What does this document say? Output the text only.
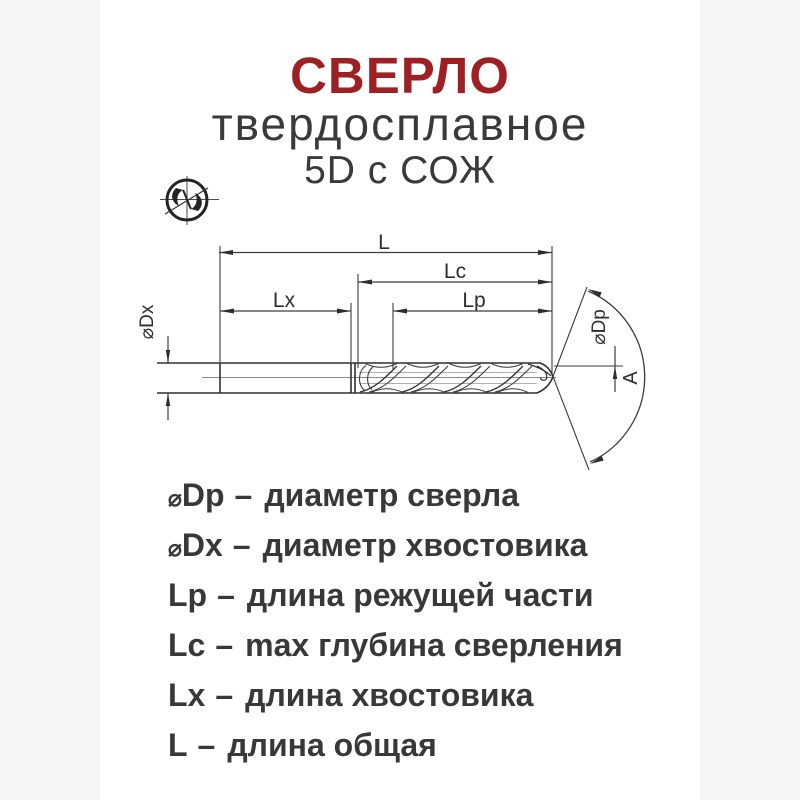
СВЕРЛО
твердосплавное
5D с СОЖ
L
Lc
Lp
Lx
⌀Dx	⌀Dp
A
⌀Dp – диаметр сверла
⌀Dx – диаметр хвостовика
Lp – длина режущей части
Lc – max глубина сверления
Lx – длина хвостовика
L – длина общая
